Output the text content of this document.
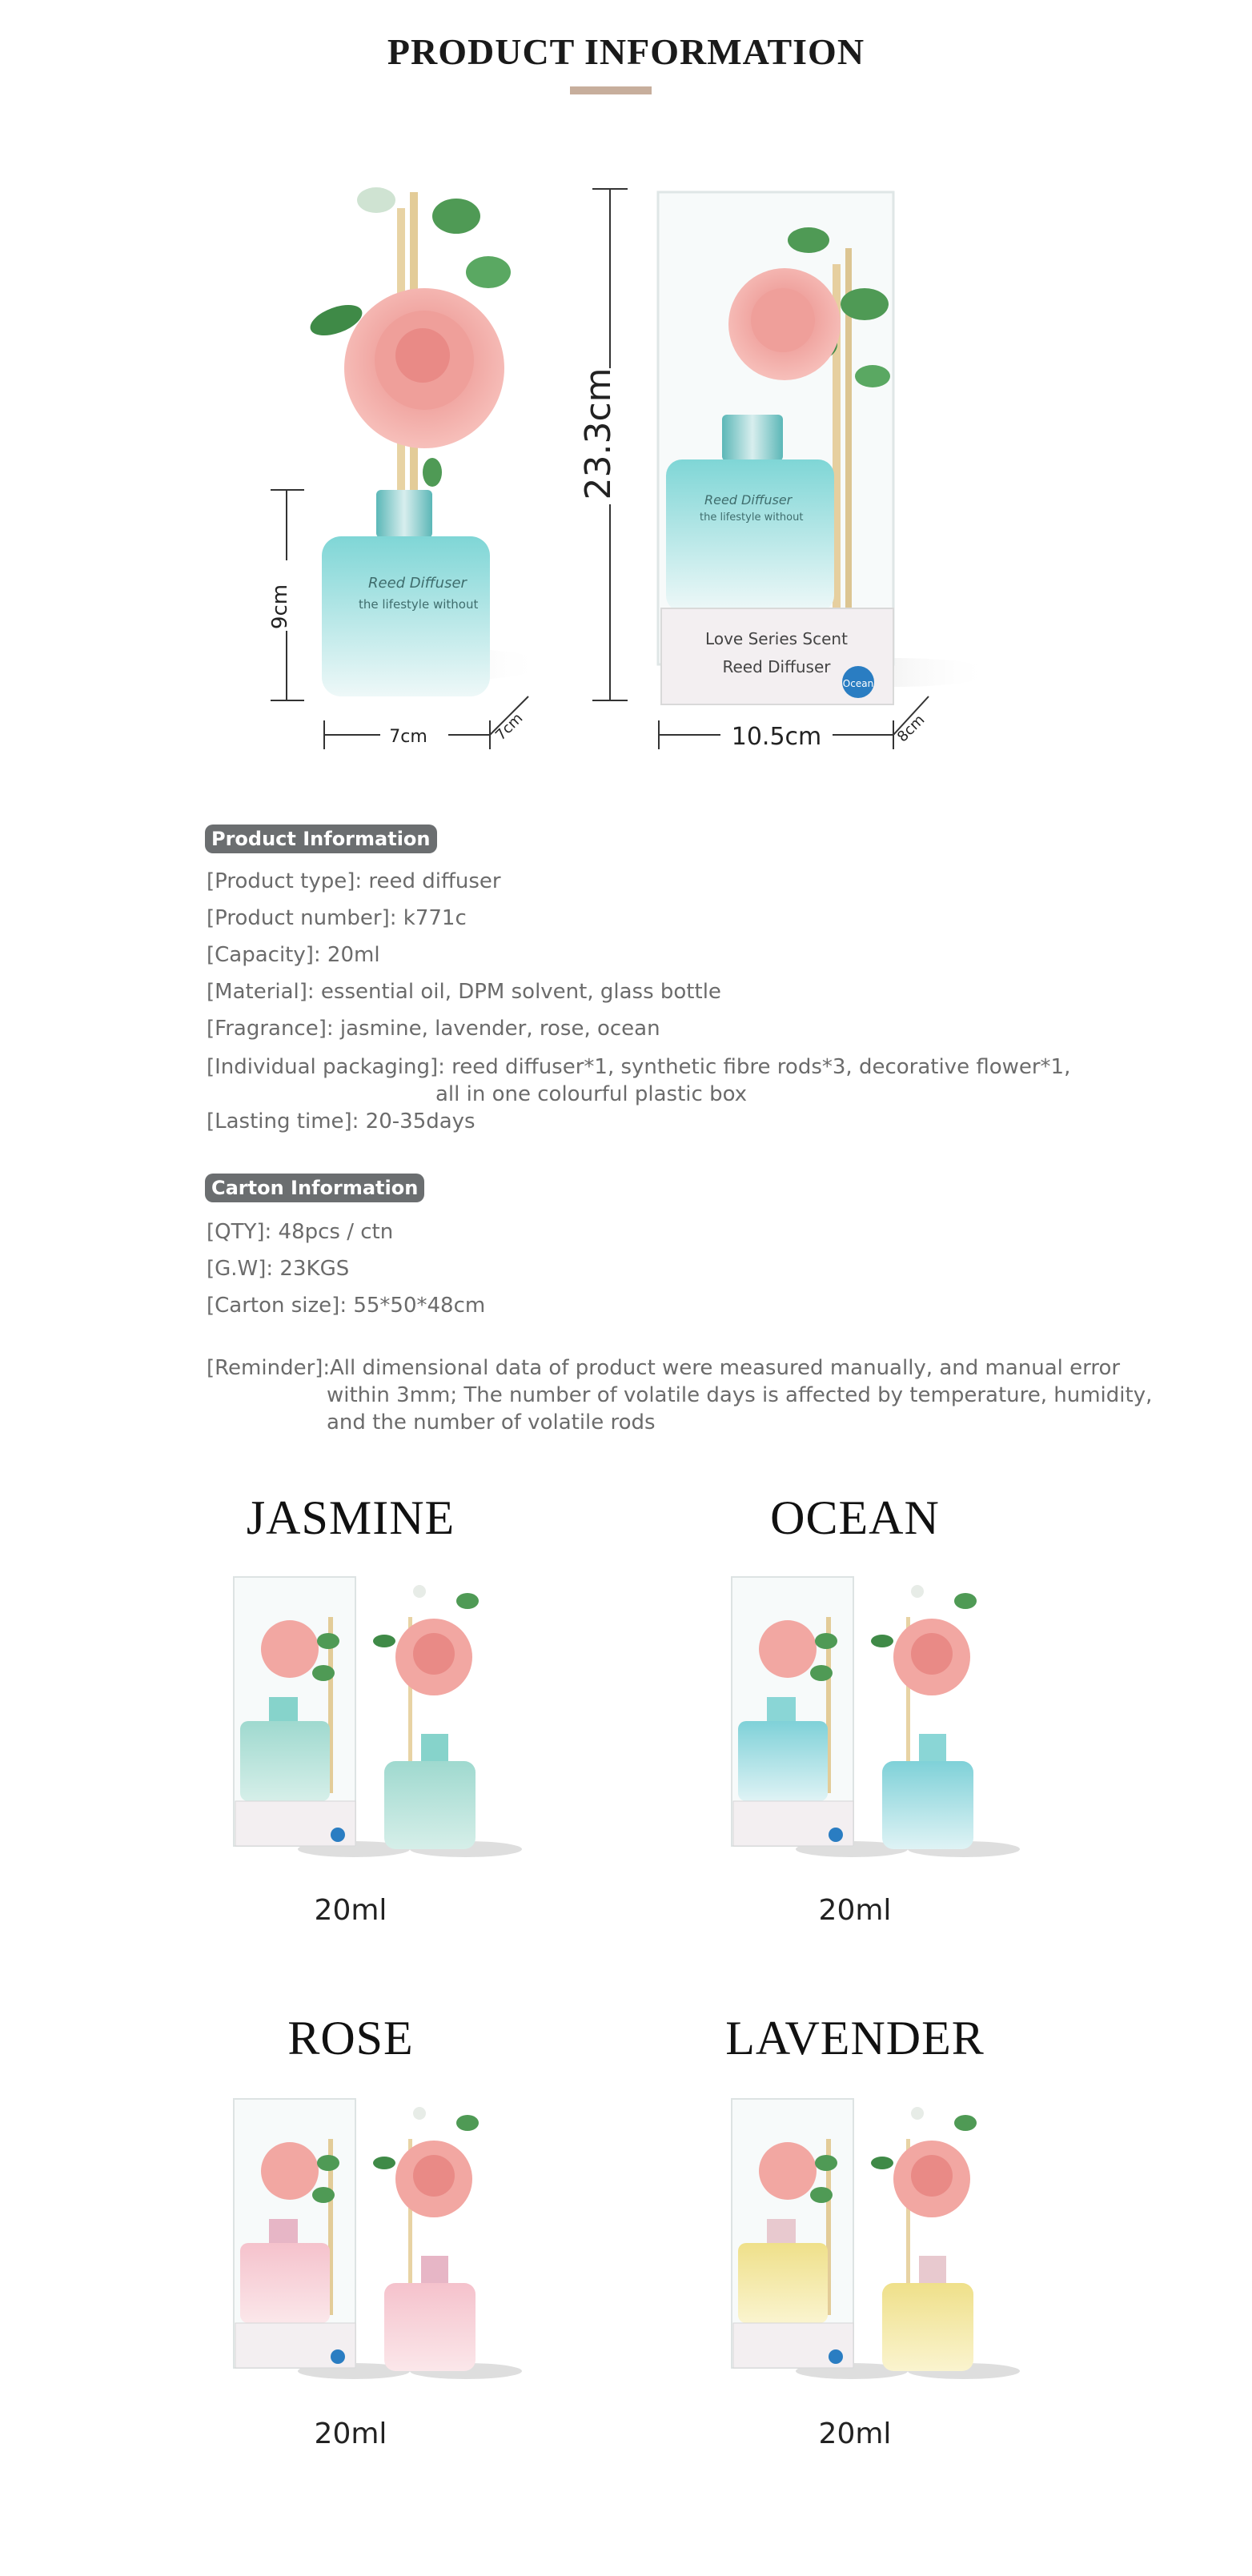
PRODUCT INFORMATION
Reed Diffuser
the lifestyle without
9cm
7cm	7cm
Reed Diffuser
the lifestyle without
Love Series Scent
Reed Diffuser
Ocean
23.3cm
10.5cm	8cm
Product Information
[Product type]: reed diffuser
[Product number]: k771c
[Capacity]: 20ml
[Material]: essential oil, DPM solvent, glass bottle
[Fragrance]: jasmine, lavender, rose, ocean
[Individual packaging]: reed diffuser*1, synthetic fibre rods*3, decorative flower*1,
all in one colourful plastic box
[Lasting time]: 20-35days
Carton Information
[QTY]: 48pcs / ctn
[G.W]: 23KGS
[Carton size]: 55*50*48cm
[Reminder]: All dimensional data of product were measured manually, and manual error
within 3mm; The number of volatile days is affected by temperature, humidity,
and the number of volatile rods
JASMINE	OCEAN
ROSE	LAVENDER
20ml	20ml
20ml	20ml
